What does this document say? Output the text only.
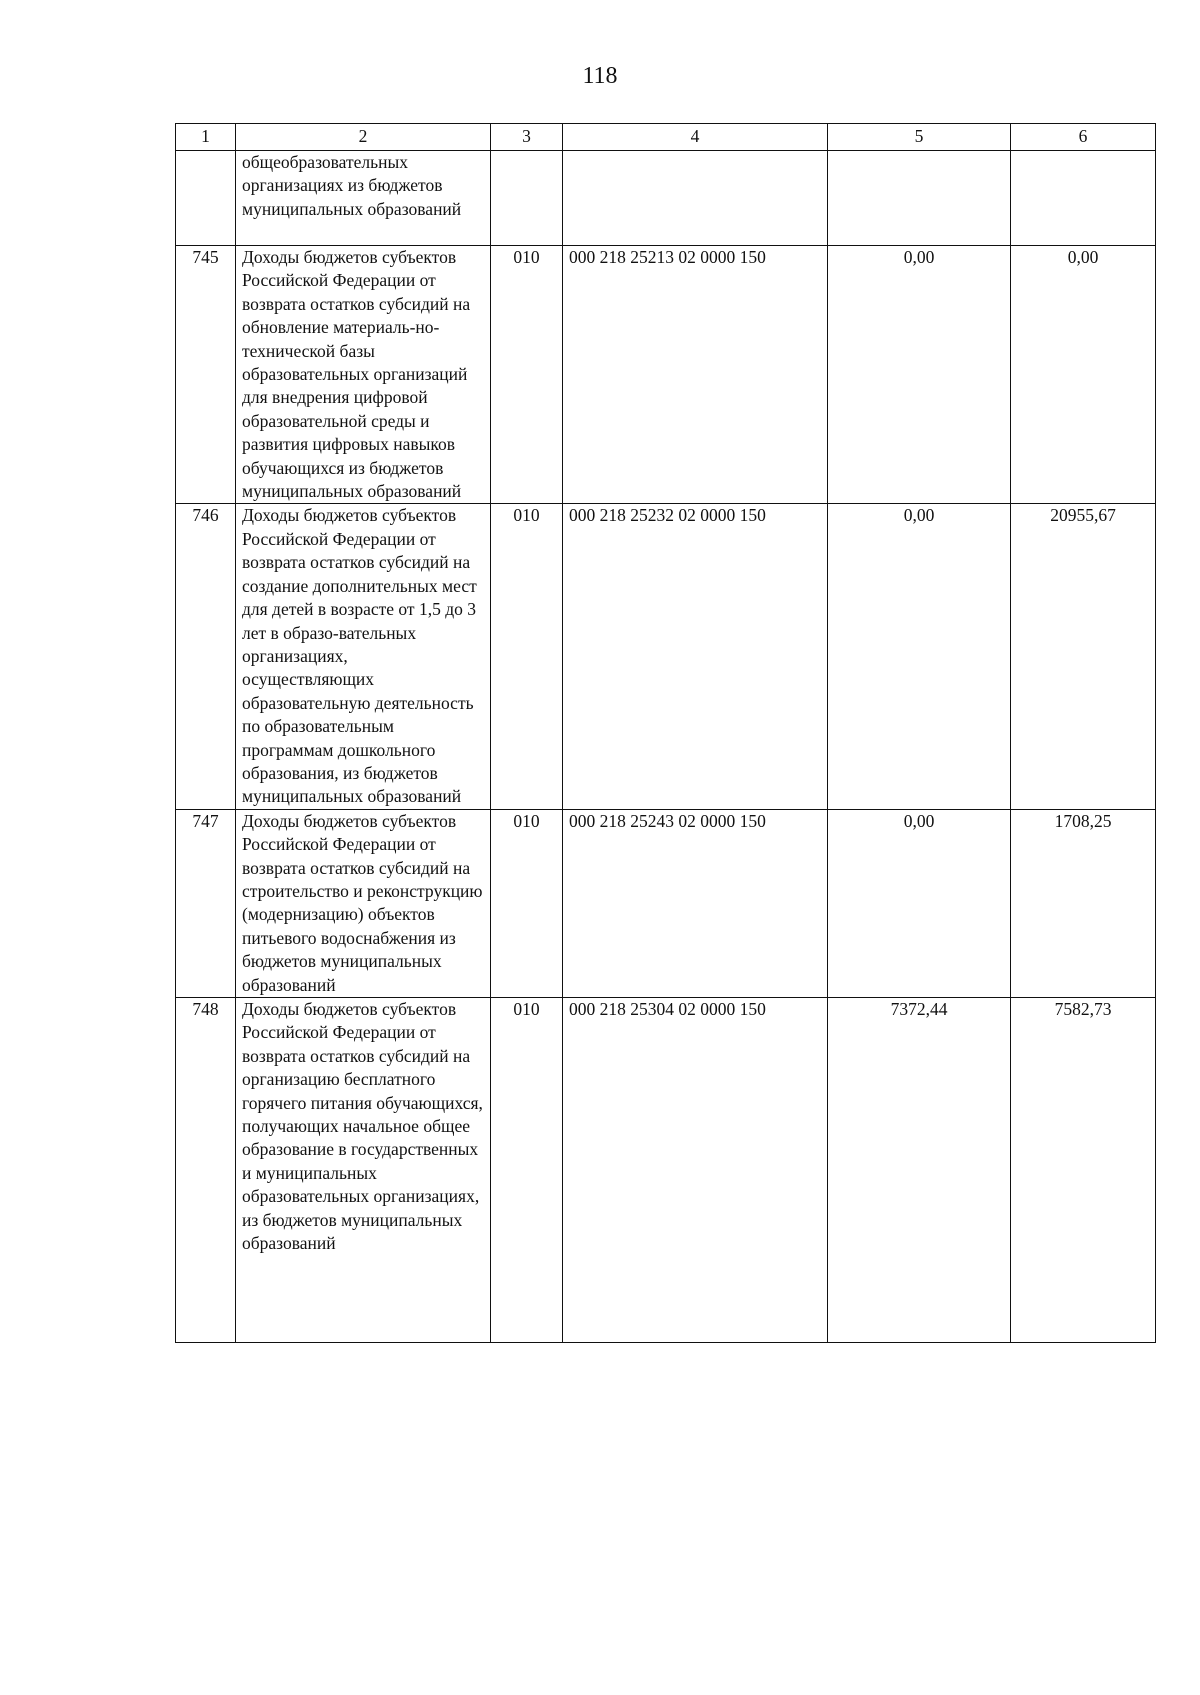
118
1	2	3	4	5	6
	общеобразовательных организациях из бюджетов муниципальных образований				
745	Доходы бюджетов субъектов Российской Федерации от возврата остатков субсидий на обновление материаль-но-технической базы образовательных организаций для внедрения цифровой образовательной среды и развития цифровых навыков обучающихся из бюджетов муниципальных образований	010	000 218 25213 02 0000 150	0,00	0,00
746	Доходы бюджетов субъектов Российской Федерации от возврата остатков субсидий на создание дополнительных мест для детей в возрасте от 1,5 до 3 лет в образо-вательных организациях, осуществляющих образовательную деятельность по образовательным программам дошкольного образования, из бюджетов муниципальных образований	010	000 218 25232 02 0000 150	0,00	20955,67
747	Доходы бюджетов субъектов Российской Федерации от возврата остатков субсидий на строительство и реконструкцию (модернизацию) объектов питьевого водоснабжения из бюджетов муниципальных образований	010	000 218 25243 02 0000 150	0,00	1708,25
748	Доходы бюджетов субъектов Российской Федерации от возврата остатков субсидий на организацию бесплатного горячего питания обучающихся, получающих начальное общее образование в государственных и муниципальных образовательных организациях, из бюджетов муниципальных образований	010	000 218 25304 02 0000 150	7372,44	7582,73
